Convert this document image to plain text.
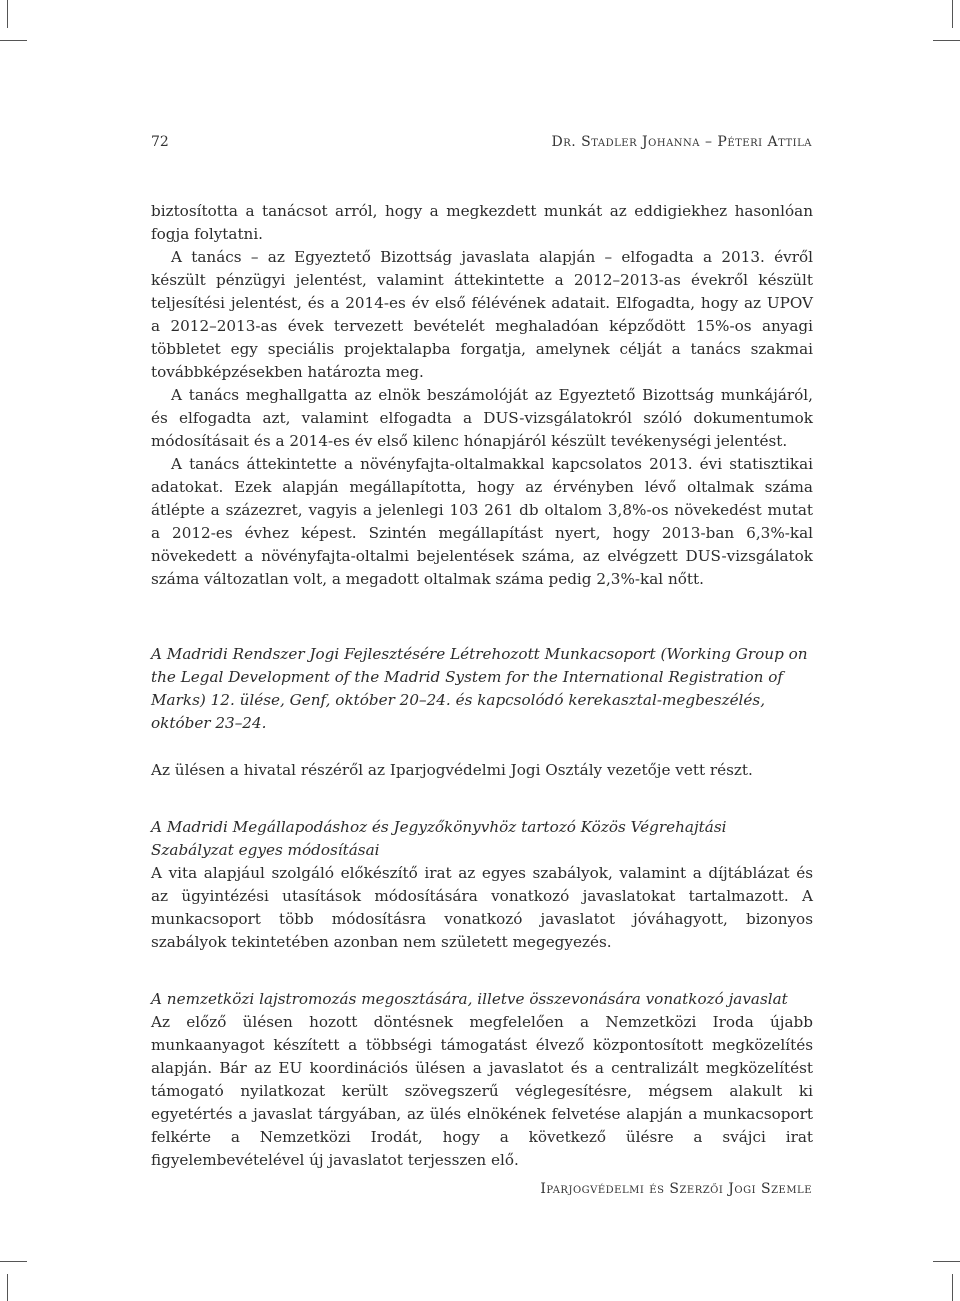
72	Dr. Stadler Johanna – Péteri Attila

biztosította a tanácsot arról, hogy a megkezdett munkát az eddigiekhez hasonlóan fogja folytatni.

A tanács – az Egyeztető Bizottság javaslata alapján – elfogadta a 2013. évről készült pénzügyi jelentést, valamint áttekintette a 2012–2013-as évekről készült teljesítési jelentést, és a 2014-es év első félévének adatait. Elfogadta, hogy az UPOV a 2012–2013-as évek tervezett bevételét meghaladóan képződött 15%-os anyagi többletet egy speciális projektalapba forgatja, amelynek célját a tanács szakmai továbbképzésekben határozta meg.

A tanács meghallgatta az elnök beszámolóját az Egyeztető Bizottság munkájáról, és elfogadta azt, valamint elfogadta a DUS-vizsgálatokról szóló dokumentumok módosításait és a 2014-es év első kilenc hónapjáról készült tevékenységi jelentést.

A tanács áttekintette a növényfajta-oltalmakkal kapcsolatos 2013. évi statisztikai adatokat. Ezek alapján megállapította, hogy az érvényben lévő oltalmak száma átlépte a százezret, vagyis a jelenlegi 103 261 db oltalom 3,8%-os növekedést mutat a 2012-es évhez képest. Szintén megállapítást nyert, hogy 2013-ban 6,3%-kal növekedett a növényfajta-oltalmi bejelentések száma, az elvégzett DUS-vizsgálatok száma változatlan volt, a megadott oltalmak száma pedig 2,3%-kal nőtt.

A Madridi Rendszer Jogi Fejlesztésére Létrehozott Munkacsoport (Working Group on the Legal Development of the Madrid System for the International Registration of Marks) 12. ülése, Genf, október 20–24. és kapcsolódó kerekasztal-megbeszélés, október 23–24.

Az ülésen a hivatal részéről az Iparjogvédelmi Jogi Osztály vezetője vett részt.

A Madridi Megállapodáshoz és Jegyzőkönyvhöz tartozó Közös Végrehajtási Szabályzat egyes módosításai

A vita alapjául szolgáló előkészítő irat az egyes szabályok, valamint a díjtáblázat és az ügyintézési utasítások módosítására vonatkozó javaslatokat tartalmazott. A munkacsoport több módosításra vonatkozó javaslatot jóváhagyott, bizonyos szabályok tekintetében azonban nem született megegyezés.

A nemzetközi lajstromozás megosztására, illetve összevonására vonatkozó javaslat

Az előző ülésen hozott döntésnek megfelelően a Nemzetközi Iroda újabb munkaanyagot készített a többségi támogatást élvező központosított megközelítés alapján. Bár az EU koordinációs ülésen a javaslatot és a centralizált megközelítést támogató nyilatkozat került szövegszerű véglegesítésre, mégsem alakult ki egyetértés a javaslat tárgyában, az ülés elnökének felvetése alapján a munkacsoport felkérte a Nemzetközi Irodát, hogy a következő ülésre a svájci irat figyelembevételével új javaslatot terjesszen elő.

Iparjogvédelmi és Szerzői Jogi Szemle
